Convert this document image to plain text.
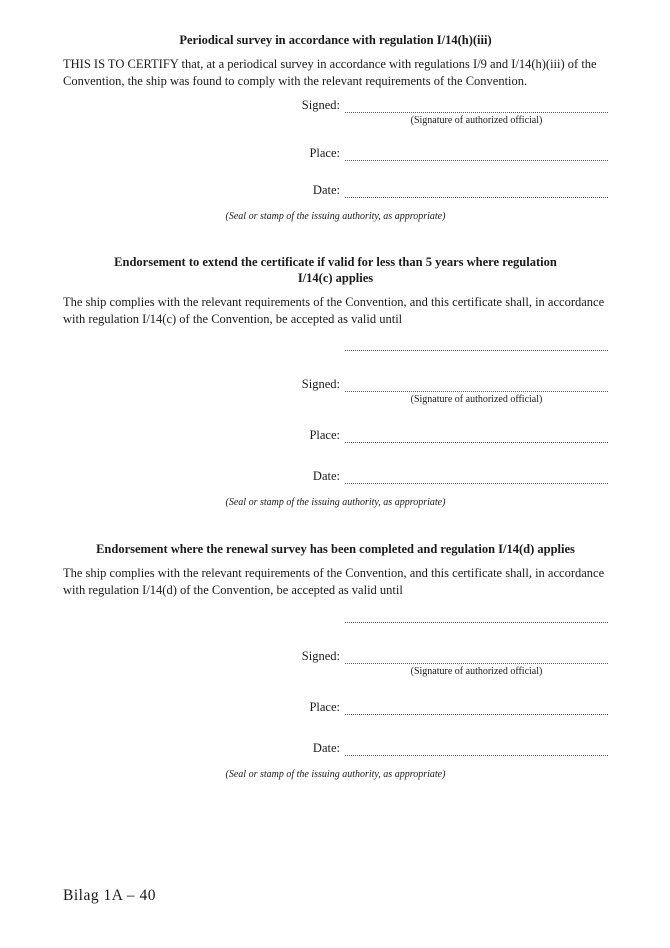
Periodical survey in accordance with regulation I/14(h)(iii)

THIS IS TO CERTIFY that, at a periodical survey in accordance with regulations I/9 and I/14(h)(iii) of the Convention, the ship was found to comply with the relevant requirements of the Convention.

Signed:
(Signature of authorized official)
Place:
Date:
(Seal or stamp of the issuing authority, as appropriate)
Endorsement to extend the certificate if valid for less than 5 years where regulation
I/14(c) applies

The ship complies with the relevant requirements of the Convention, and this certificate shall, in accordance with regulation I/14(c) of the Convention, be accepted as valid until

Signed:
(Signature of authorized official)
Place:
Date:
(Seal or stamp of the issuing authority, as appropriate)
Endorsement where the renewal survey has been completed and regulation I/14(d) applies

The ship complies with the relevant requirements of the Convention, and this certificate shall, in accordance with regulation I/14(d) of the Convention, be accepted as valid until

Signed:
(Signature of authorized official)
Place:
Date:
(Seal or stamp of the issuing authority, as appropriate)
Bilag 1A – 40
